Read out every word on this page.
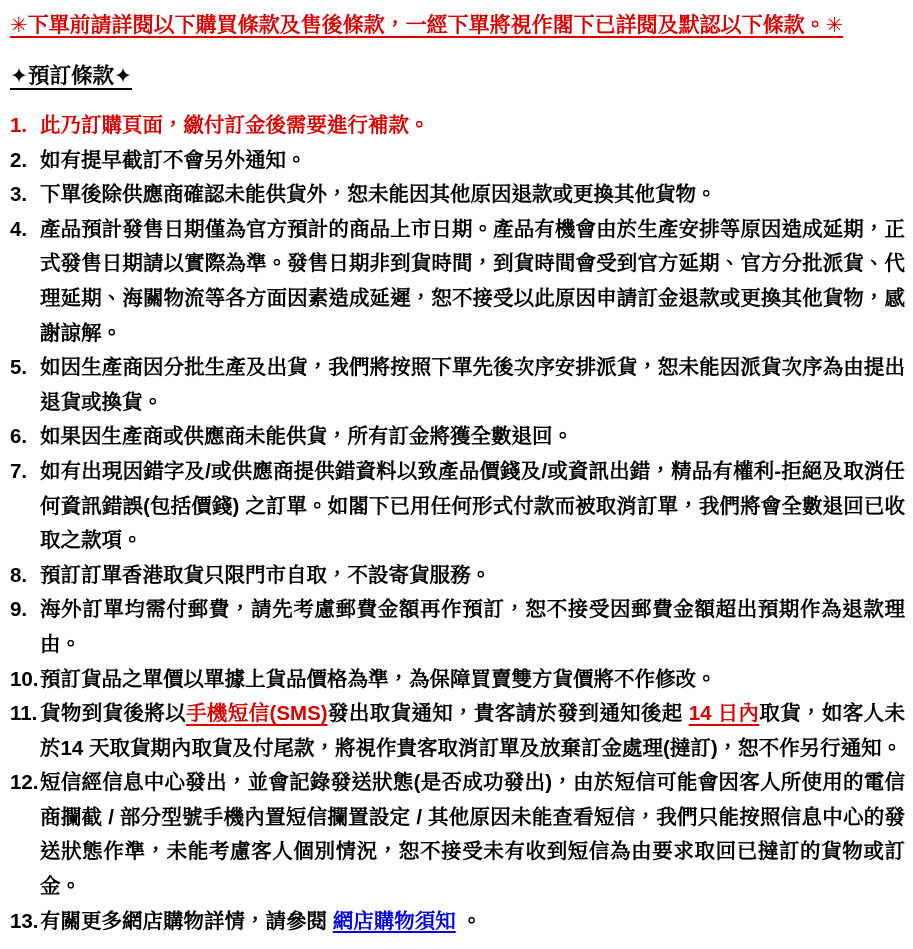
✳下單前請詳閱以下購買條款及售後條款，一經下單將視作閣下已詳閱及默認以下條款。✳

✦預訂條款✦

1. 此乃訂購頁面，繳付訂金後需要進行補款。
2. 如有提早截訂不會另外通知。
3. 下單後除供應商確認未能供貨外，恕未能因其他原因退款或更換其他貨物。
4. 產品預計發售日期僅為官方預計的商品上市日期。產品有機會由於生產安排等原因造成延期，正式發售日期請以實際為準。發售日期非到貨時間，到貨時間會受到官方延期、官方分批派貨、代理延期、海關物流等各方面因素造成延遲，恕不接受以此原因申請訂金退款或更換其他貨物，感謝諒解。
5. 如因生產商因分批生產及出貨，我們將按照下單先後次序安排派貨，恕未能因派貨次序為由提出退貨或換貨。
6. 如果因生產商或供應商未能供貨，所有訂金將獲全數退回。
7. 如有出現因錯字及/或供應商提供錯資料以致產品價錢及/或資訊出錯，精品有權利-拒絕及取消任何資訊錯誤(包括價錢) 之訂單。如閣下已用任何形式付款而被取消訂單，我們將會全數退回已收取之款項。
8. 預訂訂單香港取貨只限門市自取，不設寄貨服務。
9. 海外訂單均需付郵費，請先考慮郵費金額再作預訂，恕不接受因郵費金額超出預期作為退款理由。
10. 預訂貨品之單價以單據上貨品價格為準，為保障買賣雙方貨價將不作修改。
11. 貨物到貨後將以手機短信(SMS)發出取貨通知，貴客請於發到通知後起 14 日內取貨，如客人未於14 天取貨期內取貨及付尾款，將視作貴客取消訂單及放棄訂金處理(撻訂)，恕不作另行通知。
12. 短信經信息中心發出，並會記錄發送狀態(是否成功發出)，由於短信可能會因客人所使用的電信商攔截 / 部分型號手機內置短信攔置設定 / 其他原因未能查看短信，我們只能按照信息中心的發送狀態作準，未能考慮客人個別情況，恕不接受未有收到短信為由要求取回已撻訂的貨物或訂金。
13. 有關更多網店購物詳情，請參閱 網店購物須知 。
